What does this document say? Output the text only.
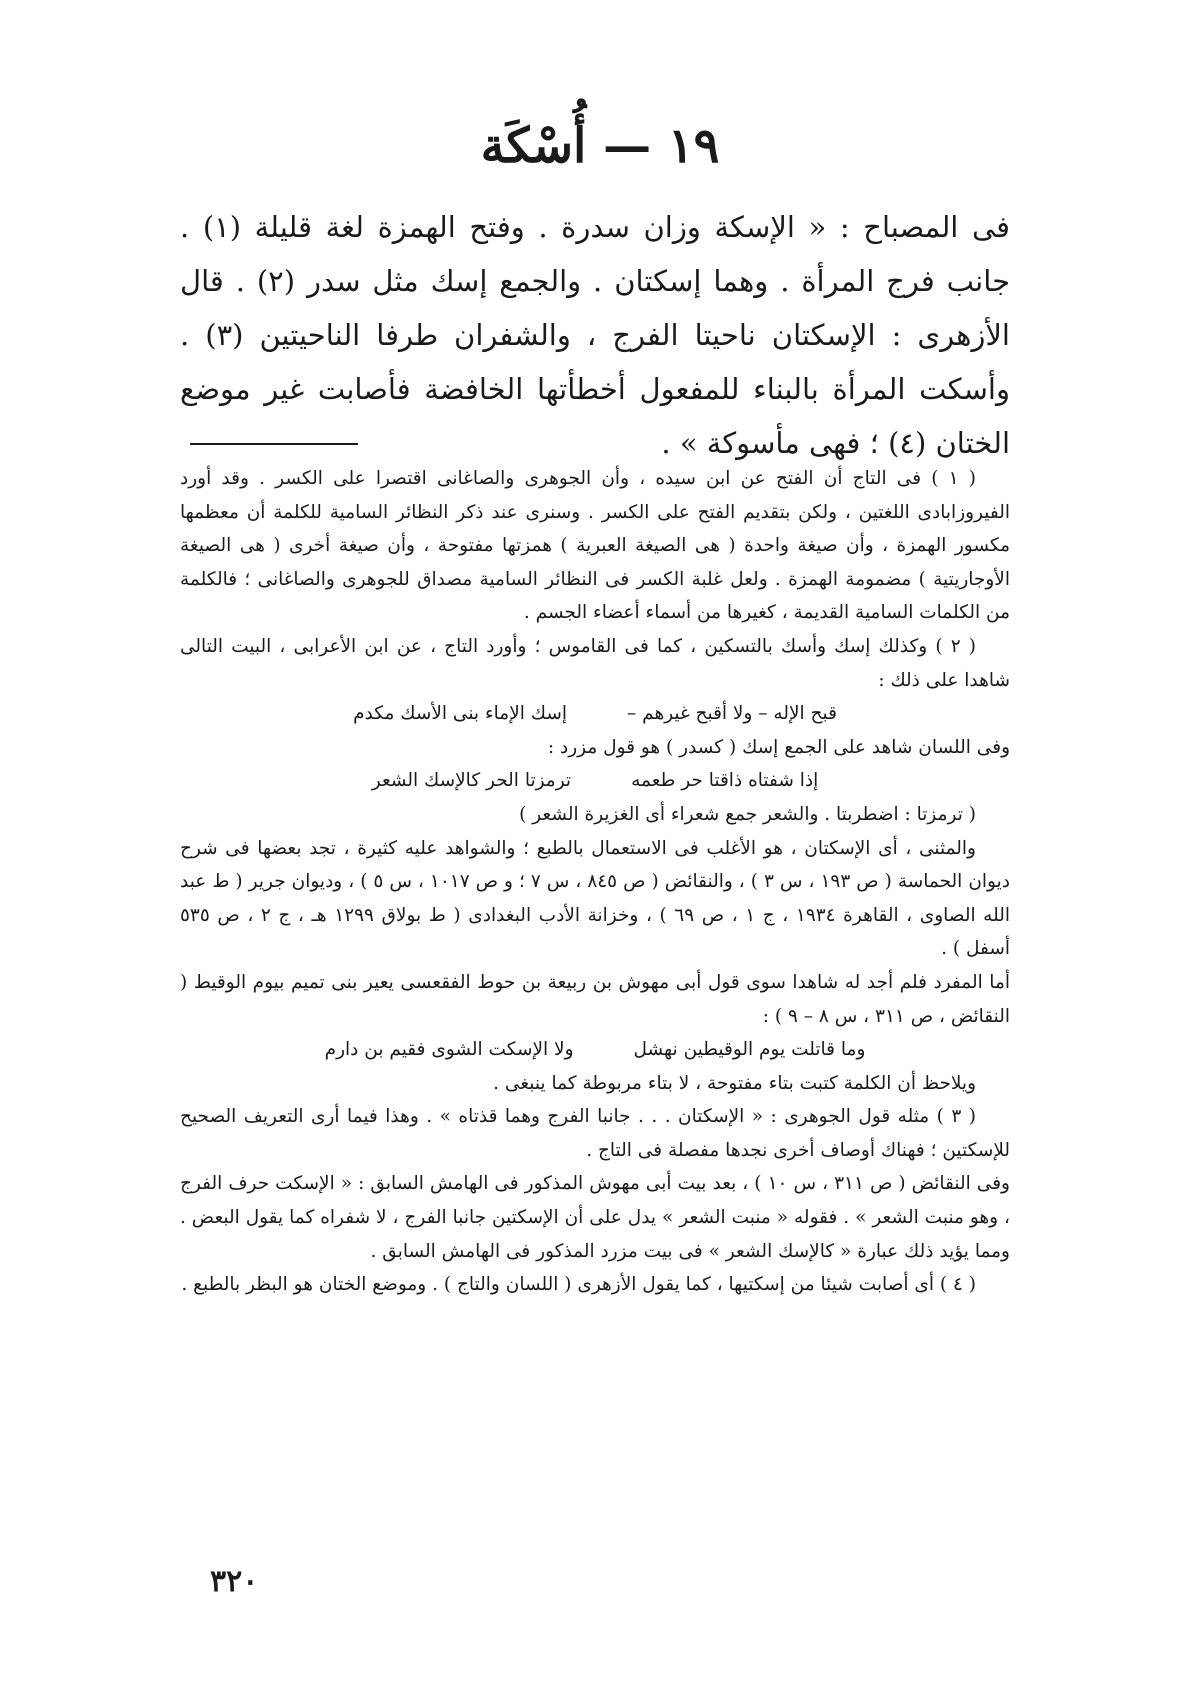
١٩ — أُسْكَة

فى المصباح : « الإسكة وزان سدرة . وفتح الهمزة لغة قليلة (١) . جانب فرج المرأة . وهما إسكتان . والجمع إسك مثل سدر (٢) . قال الأزهرى : الإسكتان ناحيتا الفرج ، والشفران طرفا الناحيتين (٣) . وأسكت المرأة بالبناء للمفعول أخطأتها الخافضة فأصابت غير موضع الختان (٤) ؛ فهى مأسوكة » .

( ١ ) فى التاج أن الفتح عن ابن سيده ، وأن الجوهرى والصاغانى اقتصرا على الكسر . وقد أورد الفيروزابادى اللغتين ، ولكن بتقديم الفتح على الكسر . وسنرى عند ذكر النظائر السامية للكلمة أن معظمها مكسور الهمزة ، وأن صيغة واحدة ( هى الصيغة العبرية ) همزتها مفتوحة ، وأن صيغة أخرى ( هى الصيغة الأوجاريتية ) مضمومة الهمزة . ولعل غلبة الكسر فى النظائر السامية مصداق للجوهرى والصاغانى ؛ فالكلمة من الكلمات السامية القديمة ، كغيرها من أسماء أعضاء الجسم .

( ٢ ) وكذلك إسك وأسك بالتسكين ، كما فى القاموس ؛ وأورد التاج ، عن ابن الأعرابى ، البيت التالى شاهدا على ذلك :

قبح الإله – ولا أقبح غيرهم –
إسك الإماء بنى الأسك مكدم

وفى اللسان شاهد على الجمع إسك ( كسدر ) هو قول مزرد :

إذا شفتاه ذاقتا حر طعمه
ترمزتا الحر كالإسك الشعر

( ترمزتا : اضطربتا . والشعر جمع شعراء أى الغزيرة الشعر )

والمثنى ، أى الإسكتان ، هو الأغلب فى الاستعمال بالطبع ؛ والشواهد عليه كثيرة ، تجد بعضها فى شرح ديوان الحماسة ( ص ١٩٣ ، س ٣ ) ، والنقائض ( ص ٨٤٥ ، س ٧ ؛ و ص ١٠١٧ ، س ٥ ) ، وديوان جرير ( ط عبد الله الصاوى ، القاهرة ١٩٣٤ ، ج ١ ، ص ٦٩ ) ، وخزانة الأدب البغدادى ( ط بولاق ١٢٩٩ هـ ، ج ٢ ، ص ٥٣٥ أسفل ) .

أما المفرد فلم أجد له شاهدا سوى قول أبى مهوش بن ربيعة بن حوط الفقعسى يعير بنى تميم بيوم الوقيط ( النقائض ، ص ٣١١ ، س ٨ – ٩ ) :

وما قاتلت يوم الوقيطين نهشل
ولا الإسكت الشوى فقيم بن دارم

ويلاحظ أن الكلمة كتبت بتاء مفتوحة ، لا بتاء مربوطة كما ينبغى .

( ٣ ) مثله قول الجوهرى : « الإسكتان . . . جانبا الفرج وهما قذتاه » . وهذا فيما أرى التعريف الصحيح للإسكتين ؛ فهناك أوصاف أخرى نجدها مفصلة فى التاج .

وفى النقائض ( ص ٣١١ ، س ١٠ ) ، بعد بيت أبى مهوش المذكور فى الهامش السابق : « الإسكت حرف الفرج ، وهو منبت الشعر » . فقوله « منبت الشعر » يدل على أن الإسكتين جانبا الفرج ، لا شفراه كما يقول البعض . ومما يؤيد ذلك عبارة « كالإسك الشعر » فى بيت مزرد المذكور فى الهامش السابق .

( ٤ ) أى أصابت شيئا من إسكتيها ، كما يقول الأزهرى ( اللسان والتاج ) . وموضع الختان هو البظر بالطبع .

٣٢٠
